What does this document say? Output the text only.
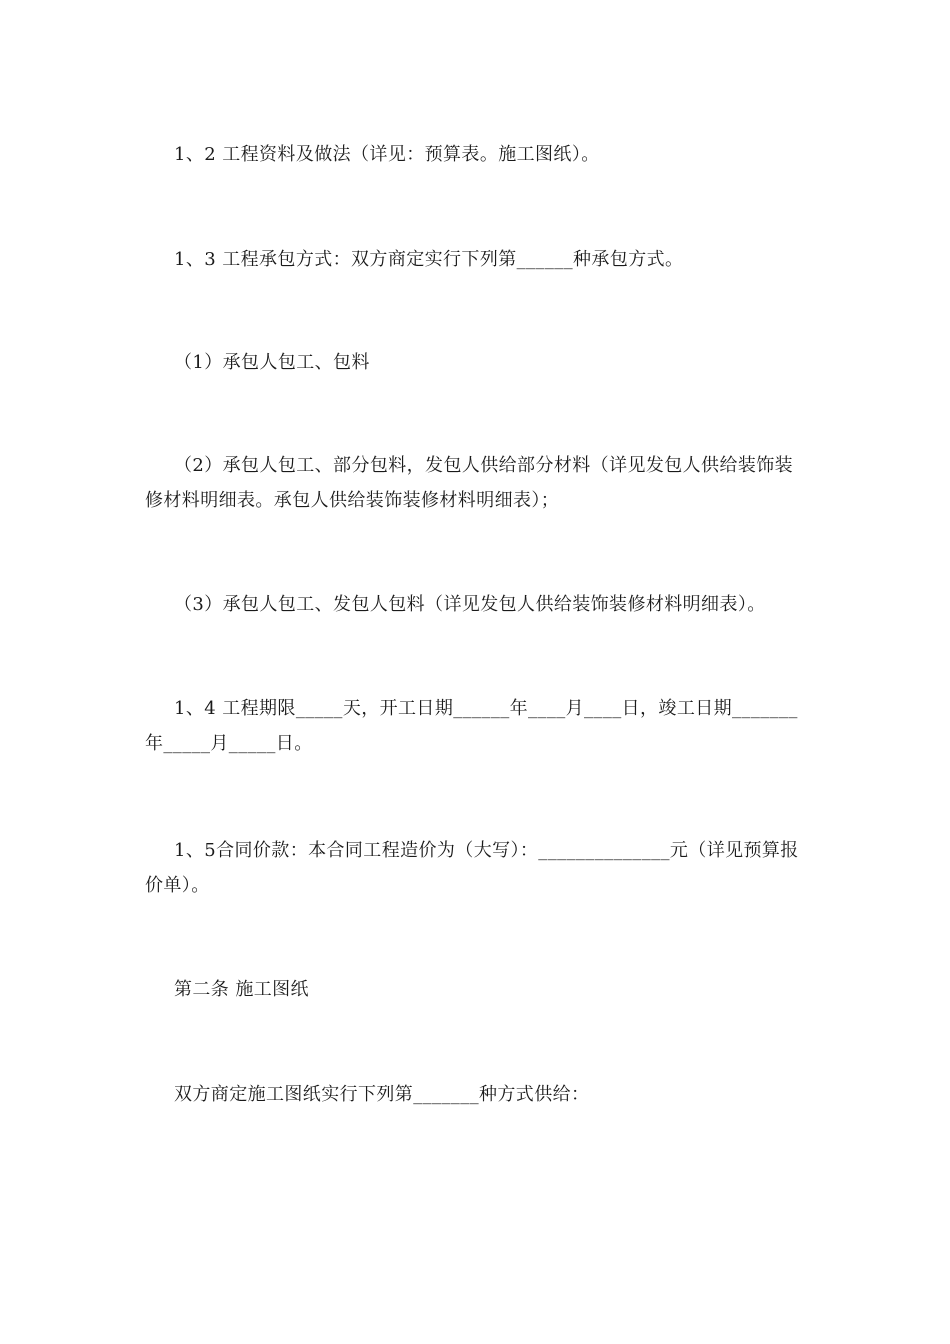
1、2 工程资料及做法（详见：预算表。施工图纸）。

1、3 工程承包方式：双方商定实行下列第______种承包方式。

（1）承包人包工、包料

（2）承包人包工、部分包料，发包人供给部分材料（详见发包人供给装饰装修材料明细表。承包人供给装饰装修材料明细表）；

（3）承包人包工、发包人包料（详见发包人供给装饰装修材料明细表）。

1、4 工程期限_____天，开工日期______年____月____日，竣工日期_______年_____月_____日。

1、5合同价款：本合同工程造价为（大写）：______________元（详见预算报价单）。

第二条 施工图纸

双方商定施工图纸实行下列第_______种方式供给：
